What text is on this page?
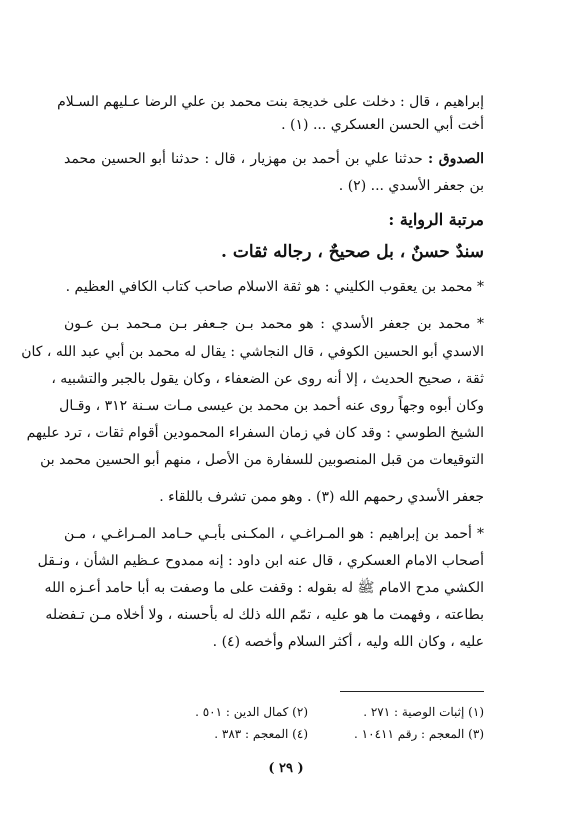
إبراهيم ، قال : دخلت على خديجة بنت محمد بن علي الرضا عـليهم السـلام
أخت أبي الحسن العسكري ... (١) .
الصدوق : حدثنا علي بن أحمد بن مهزيار ، قال : حدثنا أبو الحسين محمد
بن جعفر الأسدي ... (٢) .
مرتبة الرواية :
سندٌ حسنٌ ، بل صحيحٌ ، رجاله ثقات .
* محمد بن يعقوب الكليني : هو ثقة الاسلام صاحب كتاب الكافي العظيم .
* محمد بن جعفر الأسدي : هو محمد بـن جـعفر بـن مـحمد بـن عـون
الاسدي أبو الحسين الكوفي ، قال النجاشي : يقال له محمد بن أبي عبد الله ، كان
ثقة ، صحيح الحديث ، إلا أنه روى عن الضعفاء ، وكان يقول بالجبر والتشبيه ،
وكان أبوه وجهاً روى عنه أحمد بن محمد بن عيسى مـات سـنة ٣١٢ ، وقـال
الشيخ الطوسي : وقد كان في زمان السفراء المحمودين أقوام ثقات ، ترد عليهم
التوقيعات من قبل المنصوبين للسفارة من الأصل ، منهم أبو الحسين محمد بن
جعفر الأسدي رحمهم الله (٣) . وهو ممن تشرف باللقاء .
* أحمد بن إبراهيم : هو المـراغـي ، المكـنى بأبـي حـامد المـراغـي ، مـن
أصحاب الامام العسكري ، قال عنه ابن داود : إنه ممدوح عـظيم الشأن ، ونـقل
الكشي مدح الامام ﷺ له بقوله : وقفت على ما وصفت به أبا حامد أعـزه الله
بطاعته ، وفهمت ما هو عليه ، تمّم الله ذلك له بأحسنه ، ولا أخلاه مـن تـفضله
عليه ، وكان الله وليه ، أكثر السلام وأخصه (٤) .
(١) إثبات الوصية : ٢٧١ .
(٢) كمال الدين : ٥٠١ .
(٣) المعجم : رقم ١٠٤١١ .
(٤) المعجم : ٣٨٣ .
( ٢٩ )
